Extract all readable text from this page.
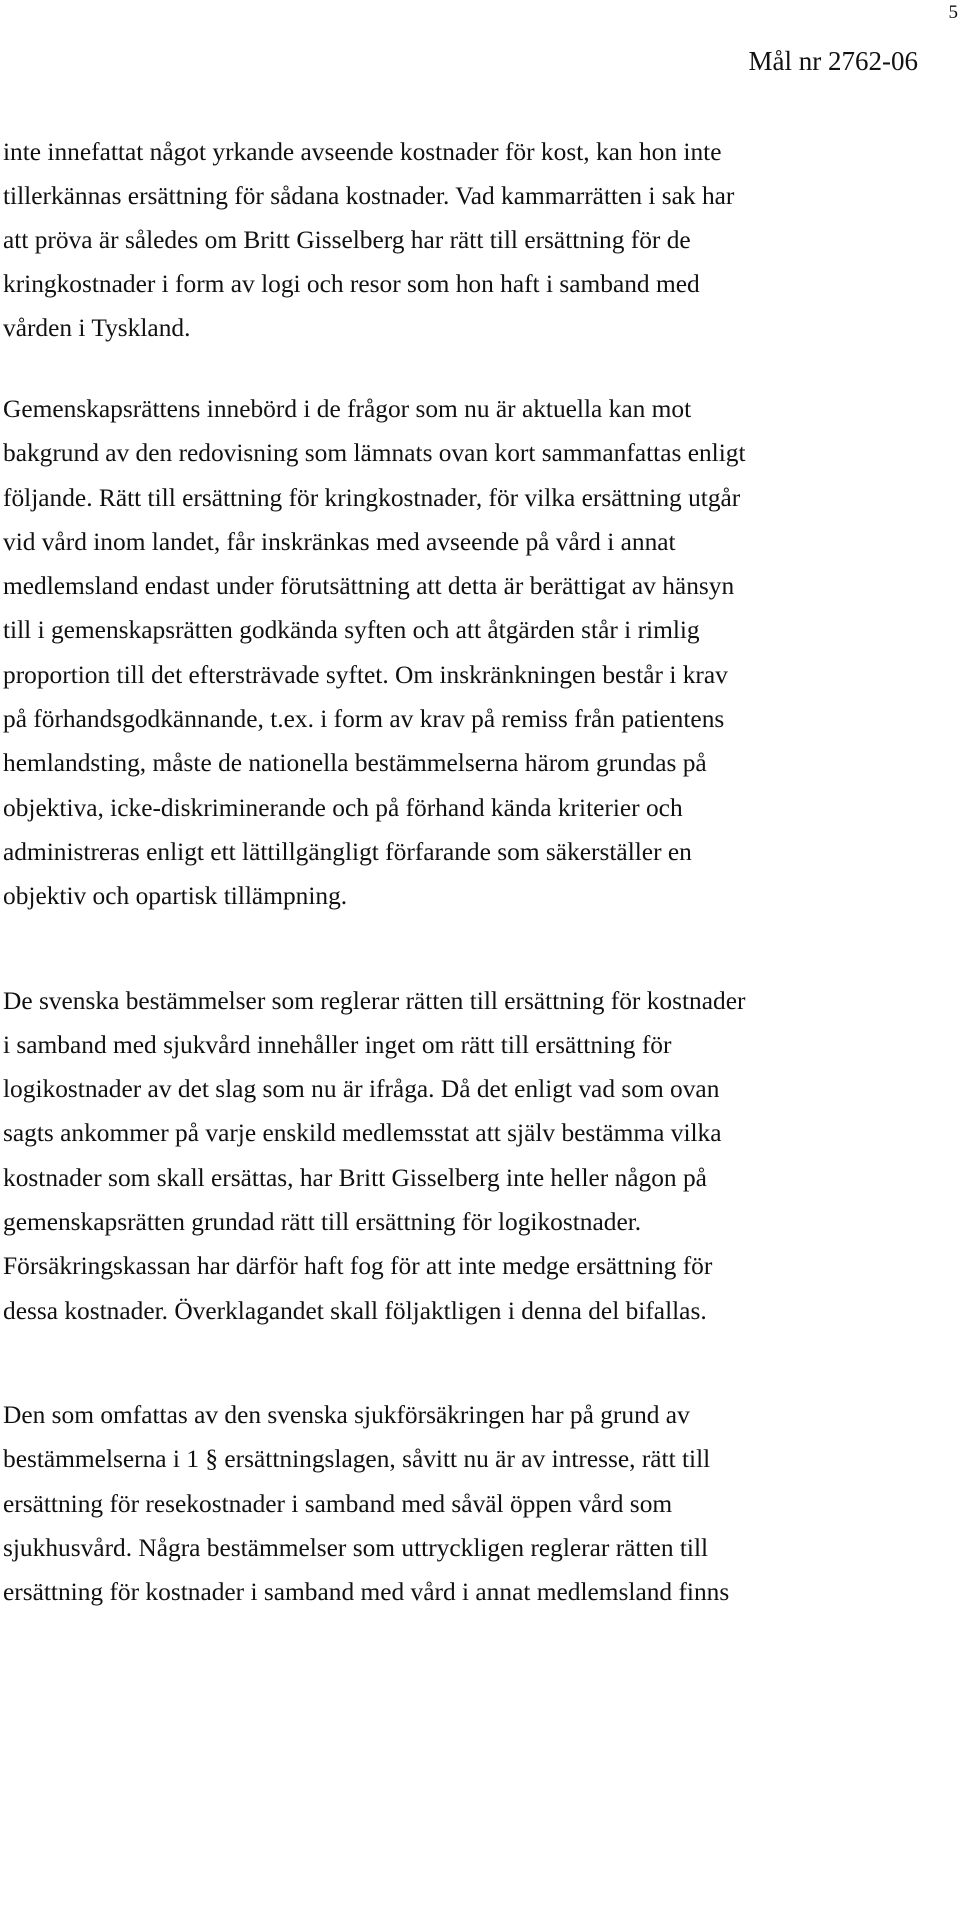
5
Mål nr 2762-06

inte innefattat något yrkande avseende kostnader för kost, kan hon inte
tillerkännas ersättning för sådana kostnader. Vad kammarrätten i sak har
att pröva är således om Britt Gisselberg har rätt till ersättning för de
kringkostnader i form av logi och resor som hon haft i samband med
vården i Tyskland.

Gemenskapsrättens innebörd i de frågor som nu är aktuella kan mot
bakgrund av den redovisning som lämnats ovan kort sammanfattas enligt
följande. Rätt till ersättning för kringkostnader, för vilka ersättning utgår
vid vård inom landet, får inskränkas med avseende på vård i annat
medlemsland endast under förutsättning att detta är berättigat av hänsyn
till i gemenskapsrätten godkända syften och att åtgärden står i rimlig
proportion till det eftersträvade syftet. Om inskränkningen består i krav
på förhandsgodkännande, t.ex. i form av krav på remiss från patientens
hemlandsting, måste de nationella bestämmelserna härom grundas på
objektiva, icke-diskriminerande och på förhand kända kriterier och
administreras enligt ett lättillgängligt förfarande som säkerställer en
objektiv och opartisk tillämpning.

De svenska bestämmelser som reglerar rätten till ersättning för kostnader
i samband med sjukvård innehåller inget om rätt till ersättning för
logikostnader av det slag som nu är ifråga. Då det enligt vad som ovan
sagts ankommer på varje enskild medlemsstat att själv bestämma vilka
kostnader som skall ersättas, har Britt Gisselberg inte heller någon på
gemenskapsrätten grundad rätt till ersättning för logikostnader.
Försäkringskassan har därför haft fog för att inte medge ersättning för
dessa kostnader. Överklagandet skall följaktligen i denna del bifallas.

Den som omfattas av den svenska sjukförsäkringen har på grund av
bestämmelserna i 1 § ersättningslagen, såvitt nu är av intresse, rätt till
ersättning för resekostnader i samband med såväl öppen vård som
sjukhusvård. Några bestämmelser som uttryckligen reglerar rätten till
ersättning för kostnader i samband med vård i annat medlemsland finns
